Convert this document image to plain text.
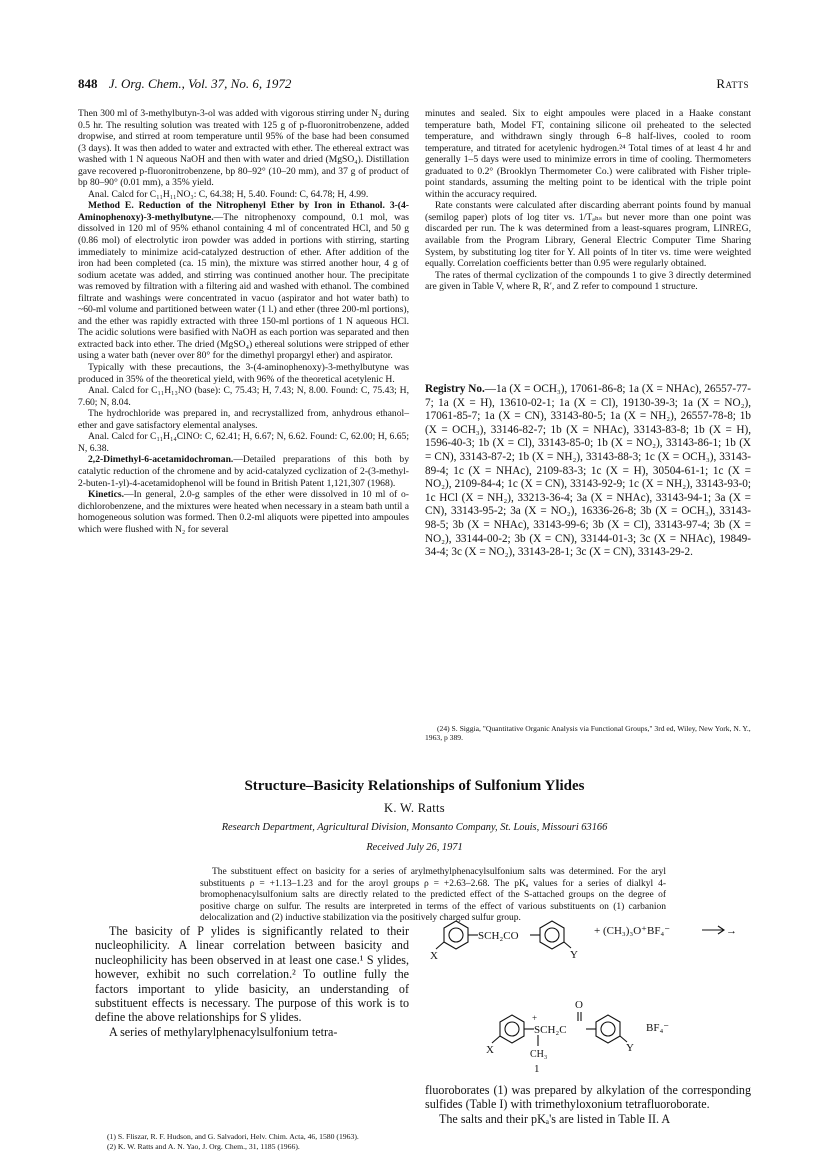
848 J. Org. Chem., Vol. 37, No. 6, 1972	Ratts

Then 300 ml of 3-methylbutyn-3-ol was added with vigorous stirring under N₂ during 0.5 hr. The resulting solution was treated with 125 g of p-fluoronitrobenzene, added dropwise, and stirred at room temperature until 95% of the base had been consumed (3 days). It was then added to water and extracted with ether. The ethereal extract was washed with 1 N aqueous NaOH and then with water and dried (MgSO₄). Distillation gave recovered p-fluoronitrobenzene, bp 80–92° (10–20 mm), and 37 g of product of bp 80–90° (0.01 mm), a 35% yield.

Anal. Calcd for C₁₁H₁₁NO₃: C, 64.38; H, 5.40. Found: C, 64.78; H, 4.99.

Method E. Reduction of the Nitrophenyl Ether by Iron in Ethanol. 3-(4-Aminophenoxy)-3-methylbutyne.—The nitrophenoxy compound, 0.1 mol, was dissolved in 120 ml of 95% ethanol containing 4 ml of concentrated HCl, and 50 g (0.86 mol) of electrolytic iron powder was added in portions with stirring, starting immediately to minimize acid-catalyzed destruction of ether. After addition of the iron had been completed (ca. 15 min), the mixture was stirred another hour, 4 g of sodium acetate was added, and stirring was continued another hour. The precipitate was removed by filtration with a filtering aid and washed with ethanol. The combined filtrate and washings were concentrated in vacuo (aspirator and hot water bath) to ~60-ml volume and partitioned between water (1 l.) and ether (three 200-ml portions), and the ether was rapidly extracted with three 150-ml portions of 1 N aqueous HCl. The acidic solutions were basified with NaOH as each portion was separated and then extracted back into ether. The dried (MgSO₄) ethereal solutions were stripped of ether using a water bath (never over 80° for the dimethyl propargyl ether) and aspirator.

Typically with these precautions, the 3-(4-aminophenoxy)-3-methylbutyne was produced in 35% of the theoretical yield, with 96% of the theoretical acetylenic H.

Anal. Calcd for C₁₁H₁₃NO (base): C, 75.43; H, 7.43; N, 8.00. Found: C, 75.43; H, 7.60; N, 8.04.

The hydrochloride was prepared in, and recrystallized from, anhydrous ethanol–ether and gave satisfactory elemental analyses.

Anal. Calcd for C₁₁H₁₄ClNO: C, 62.41; H, 6.67; N, 6.62. Found: C, 62.00; H, 6.65; N, 6.38.

2,2-Dimethyl-6-acetamidochroman.—Detailed preparations of this both by catalytic reduction of the chromene and by acid-catalyzed cyclization of 2-(3-methyl-2-buten-1-yl)-4-acetamidophenol will be found in British Patent 1,121,307 (1968).

Kinetics.—In general, 2.0-g samples of the ether were dissolved in 10 ml of o-dichlorobenzene, and the mixtures were heated when necessary in a steam bath until a homogeneous solution was formed. Then 0.2-ml aliquots were pipetted into ampoules which were flushed with N₂ for several

minutes and sealed. Six to eight ampoules were placed in a Haake constant temperature bath, Model FT, containing silicone oil preheated to the selected temperature, and withdrawn singly through 6–8 half-lives, cooled to room temperature, and titrated for acetylenic hydrogen.²⁴ Total times of at least 4 hr and generally 1–5 days were used to minimize errors in time of cooling. Thermometers graduated to 0.2° (Brooklyn Thermometer Co.) were calibrated with Fisher triple-point standards, assuming the melting point to be identical with the triple point within the accuracy required.

Rate constants were calculated after discarding aberrant points found by manual (semilog paper) plots of log titer vs. 1/Tₐₕₛ but never more than one point was discarded per run. The k was determined from a least-squares program, LINREG, available from the Program Library, General Electric Computer Time Sharing System, by substituting log titer for Y. All points of ln titer vs. time were weighted equally. Correlation coefficients better than 0.95 were regularly obtained.

The rates of thermal cyclization of the compounds 1 to give 3 directly determined are given in Table V, where R, R′, and Z refer to compound 1 structure.

Registry No.—1a (X = OCH₃), 17061-86-8; 1a (X = NHAc), 26557-77-7; 1a (X = H), 13610-02-1; 1a (X = Cl), 19130-39-3; 1a (X = NO₂), 17061-85-7; 1a (X = CN), 33143-80-5; 1a (X = NH₂), 26557-78-8; 1b (X = OCH₃), 33146-82-7; 1b (X = NHAc), 33143-83-8; 1b (X = H), 1596-40-3; 1b (X = Cl), 33143-85-0; 1b (X = NO₂), 33143-86-1; 1b (X = CN), 33143-87-2; 1b (X = NH₂), 33143-88-3; 1c (X = OCH₃), 33143-89-4; 1c (X = NHAc), 2109-83-3; 1c (X = H), 30504-61-1; 1c (X = NO₂), 2109-84-4; 1c (X = CN), 33143-92-9; 1c (X = NH₂), 33143-93-0; 1c HCl (X = NH₂), 33213-36-4; 3a (X = NHAc), 33143-94-1; 3a (X = CN), 33143-95-2; 3a (X = NO₂), 16336-26-8; 3b (X = OCH₃), 33143-98-5; 3b (X = NHAc), 33143-99-6; 3b (X = Cl), 33143-97-4; 3b (X = NO₂), 33144-00-2; 3b (X = CN), 33144-01-3; 3c (X = NHAc), 19849-34-4; 3c (X = NO₂), 33143-28-1; 3c (X = CN), 33143-29-2.

(24) S. Siggia, "Quantitative Organic Analysis via Functional Groups," 3rd ed, Wiley, New York, N. Y., 1963, p 389.

Structure–Basicity Relationships of Sulfonium Ylides
K. W. Ratts
Research Department, Agricultural Division, Monsanto Company, St. Louis, Missouri 63166
Received July 26, 1971

The substituent effect on basicity for a series of arylmethylphenacylsulfonium salts was determined. For the aryl substituents ρ = +1.13–1.23 and for the aroyl groups ρ = +2.63–2.68. The pKₐ values for a series of dialkyl 4-bromophenacylsulfonium salts are directly related to the predicted effect of the S-attached groups on the degree of positive charge on sulfur. The results are interpreted in terms of the effect of various substituents on (1) carbanion delocalization and (2) inductive stabilization via the positively charged sulfur group.

The basicity of P ylides is significantly related to their nucleophilicity. A linear correlation between basicity and nucleophilicity has been observed in at least one case.¹ S ylides, however, exhibit no such correlation.² To outline fully the factors important to ylide basicity, an understanding of substituent effects is necessary. The purpose of this work is to define the above relationships for S ylides.

A series of methylarylphenacylsulfonium tetra-

(1) S. Fliszar, R. F. Hudson, and G. Salvadori, Helv. Chim. Acta, 46, 1580 (1963).

(2) K. W. Ratts and A. N. Yao, J. Org. Chem., 31, 1185 (1966).

SCH₂CO
X	Y
+ (CH₃)₃O⁺BF₄⁻	→
O
+
SCH₂C
CH₃
X	Y
BF₄⁻
1

fluoroborates (1) was prepared by alkylation of the corresponding sulfides (Table I) with trimethyloxonium tetrafluoroborate.

The salts and their pKₐ's are listed in Table II. A
